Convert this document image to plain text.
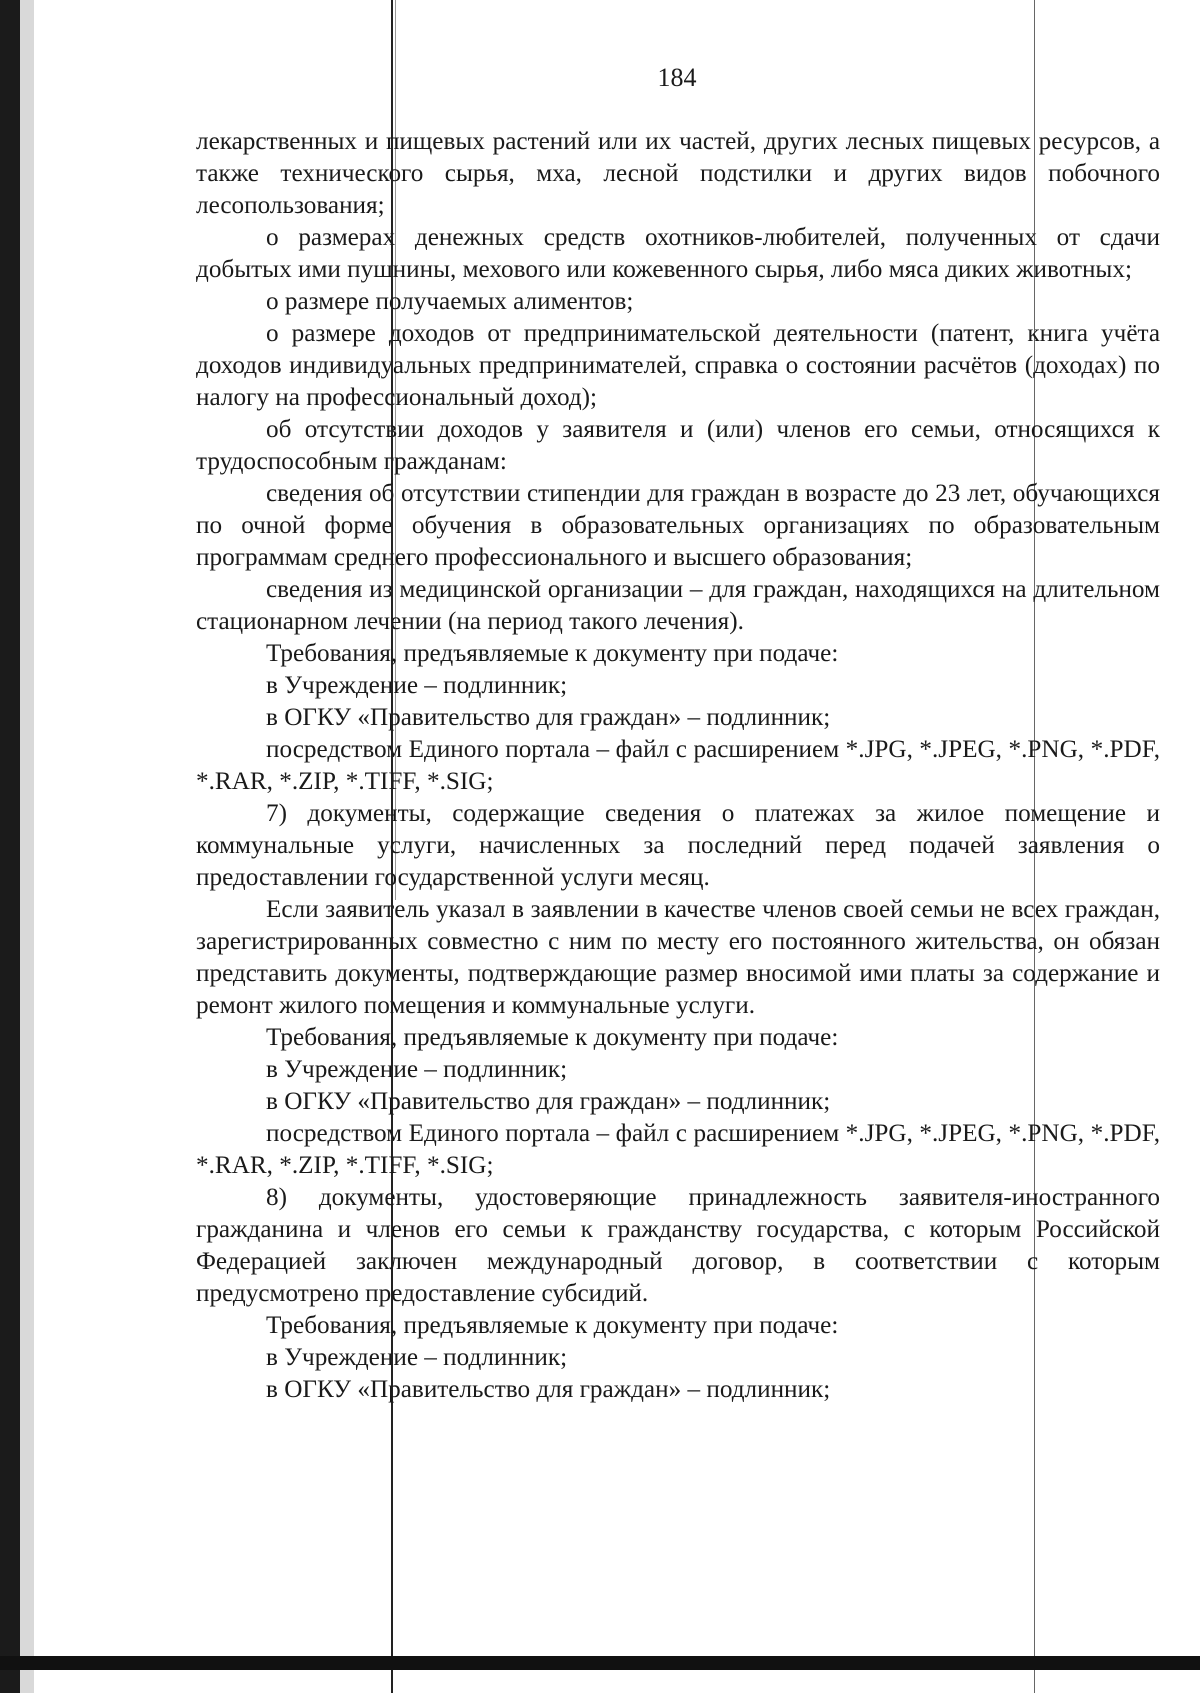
184

лекарственных и пищевых растений или их частей, других лесных пищевых ресурсов, а также технического сырья, мха, лесной подстилки и других видов побочного лесопользования;

о размерах денежных средств охотников-любителей, полученных от сдачи добытых ими пушнины, мехового или кожевенного сырья, либо мяса диких животных;

о размере получаемых алиментов;

о размере доходов от предпринимательской деятельности (патент, книга учёта доходов индивидуальных предпринимателей, справка о состоянии расчётов (доходах) по налогу на профессиональный доход);

об отсутствии доходов у заявителя и (или) членов его семьи, относящихся к трудоспособным гражданам:

сведения об отсутствии стипендии для граждан в возрасте до 23 лет, обучающихся по очной форме обучения в образовательных организациях по образовательным программам среднего профессионального и высшего образования;

сведения из медицинской организации – для граждан, находящихся на длительном стационарном лечении (на период такого лечения).

Требования, предъявляемые к документу при подаче:

в Учреждение – подлинник;

в ОГКУ «Правительство для граждан» – подлинник;

посредством Единого портала – файл с расширением *.JPG, *.JPEG, *.PNG, *.PDF, *.RAR, *.ZIP, *.TIFF, *.SIG;

7) документы, содержащие сведения о платежах за жилое помещение и коммунальные услуги, начисленных за последний перед подачей заявления о предоставлении государственной услуги месяц.

Если заявитель указал в заявлении в качестве членов своей семьи не всех граждан, зарегистрированных совместно с ним по месту его постоянного жительства, он обязан представить документы, подтверждающие размер вносимой ими платы за содержание и ремонт жилого помещения и коммунальные услуги.

Требования, предъявляемые к документу при подаче:

в Учреждение – подлинник;

в ОГКУ «Правительство для граждан» – подлинник;

посредством Единого портала – файл с расширением *.JPG, *.JPEG, *.PNG, *.PDF, *.RAR, *.ZIP, *.TIFF, *.SIG;

8) документы, удостоверяющие принадлежность заявителя-иностранного гражданина и членов его семьи к гражданству государства, с которым Российской Федерацией заключен международный договор, в соответствии с которым предусмотрено предоставление субсидий.

Требования, предъявляемые к документу при подаче:

в Учреждение – подлинник;

в ОГКУ «Правительство для граждан» – подлинник;
